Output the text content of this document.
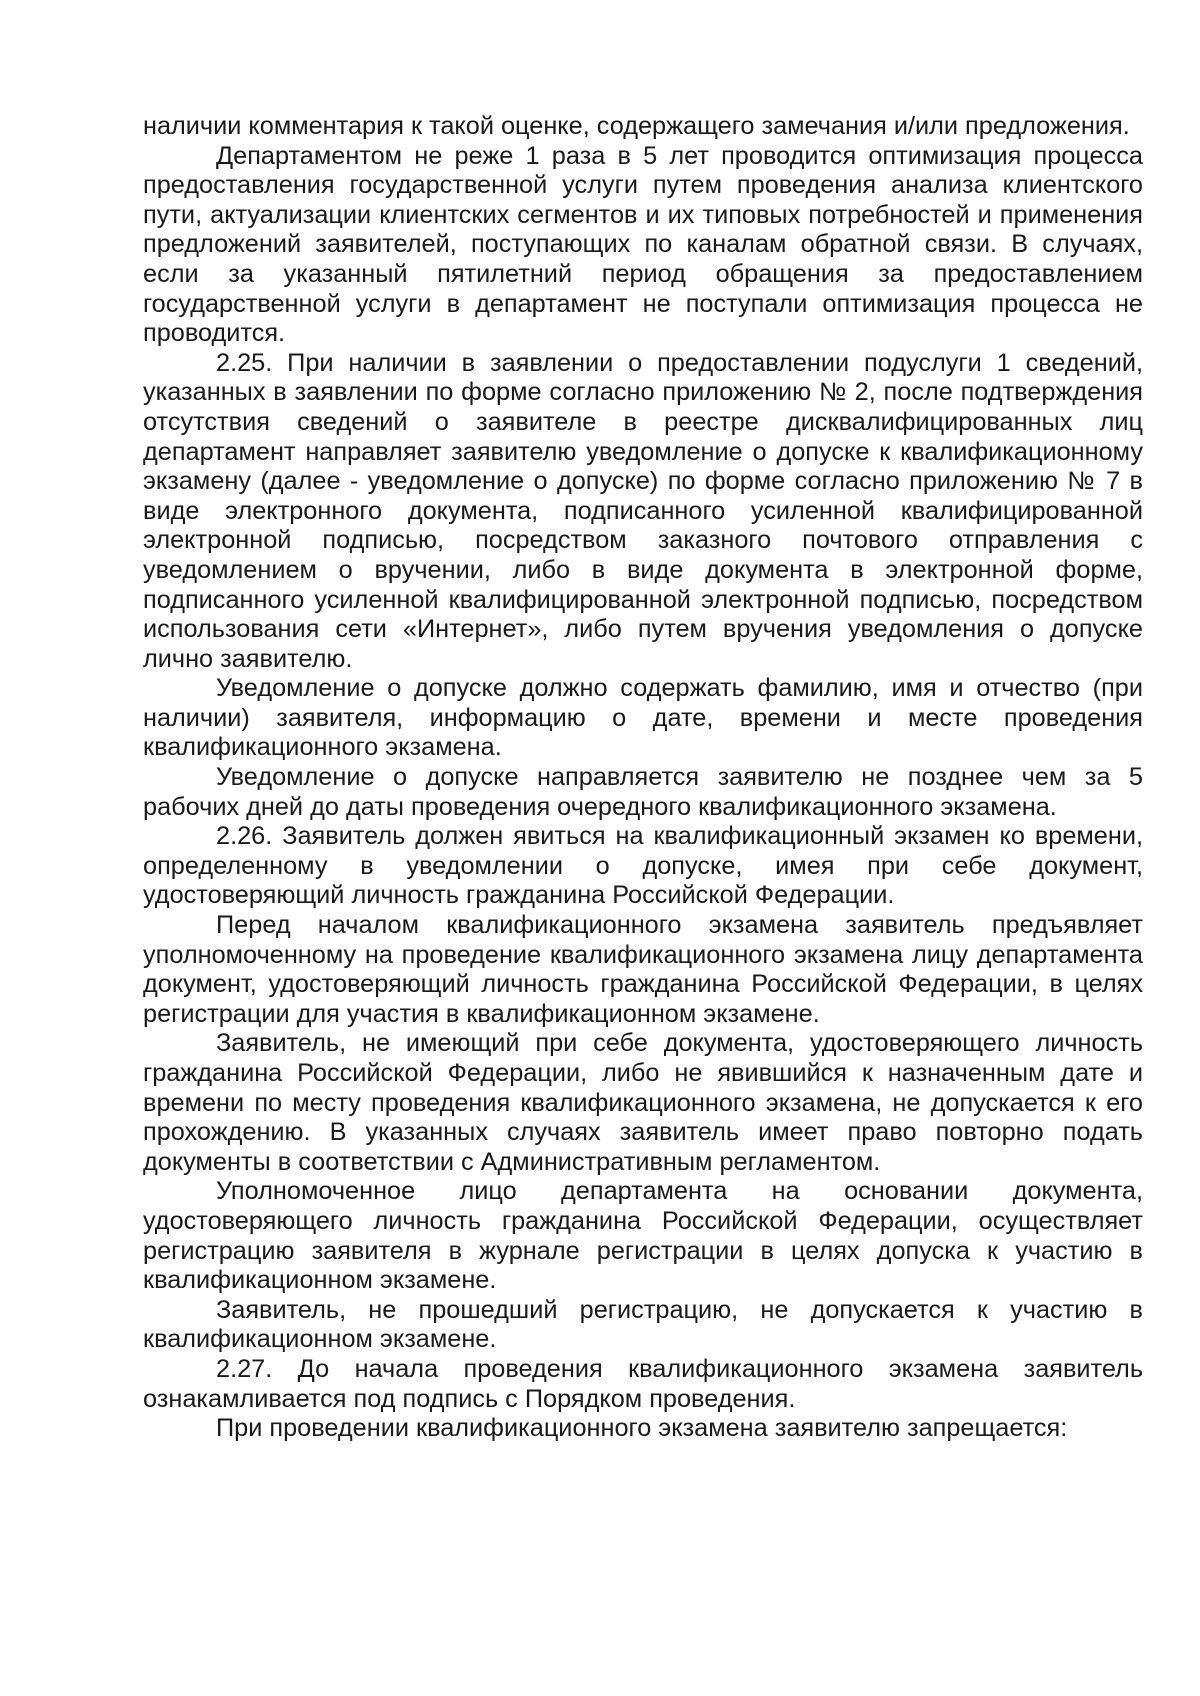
наличии комментария к такой оценке, содержащего замечания и/или предложения.

Департаментом не реже 1 раза в 5 лет проводится оптимизация процесса предоставления государственной услуги путем проведения анализа клиентского пути, актуализации клиентских сегментов и их типовых потребностей и применения предложений заявителей, поступающих по каналам обратной связи. В случаях, если за указанный пятилетний период обращения за предоставлением государственной услуги в департамент не поступали оптимизация процесса не проводится.

2.25. При наличии в заявлении о предоставлении подуслуги 1 сведений, указанных в заявлении по форме согласно приложению № 2, после подтверждения отсутствия сведений о заявителе в реестре дисквалифицированных лиц департамент направляет заявителю уведомление о допуске к квалификационному экзамену (далее - уведомление о допуске) по форме согласно приложению № 7 в виде электронного документа, подписанного усиленной квалифицированной электронной подписью, посредством заказного почтового отправления с уведомлением о вручении, либо в виде документа в электронной форме, подписанного усиленной квалифицированной электронной подписью, посредством использования сети «Интернет», либо путем вручения уведомления о допуске лично заявителю.

Уведомление о допуске должно содержать фамилию, имя и отчество (при наличии) заявителя, информацию о дате, времени и месте проведения квалификационного экзамена.

Уведомление о допуске направляется заявителю не позднее чем за 5 рабочих дней до даты проведения очередного квалификационного экзамена.

2.26. Заявитель должен явиться на квалификационный экзамен ко времени, определенному в уведомлении о допуске, имея при себе документ, удостоверяющий личность гражданина Российской Федерации.

Перед началом квалификационного экзамена заявитель предъявляет уполномоченному на проведение квалификационного экзамена лицу департамента документ, удостоверяющий личность гражданина Российской Федерации, в целях регистрации для участия в квалификационном экзамене.

Заявитель, не имеющий при себе документа, удостоверяющего личность гражданина Российской Федерации, либо не явившийся к назначенным дате и времени по месту проведения квалификационного экзамена, не допускается к его прохождению. В указанных случаях заявитель имеет право повторно подать документы в соответствии с Административным регламентом.

Уполномоченное лицо департамента на основании документа, удостоверяющего личность гражданина Российской Федерации, осуществляет регистрацию заявителя в журнале регистрации в целях допуска к участию в квалификационном экзамене.

Заявитель, не прошедший регистрацию, не допускается к участию в квалификационном экзамене.

2.27. До начала проведения квалификационного экзамена заявитель ознакамливается под подпись с Порядком проведения.

При проведении квалификационного экзамена заявителю запрещается:
